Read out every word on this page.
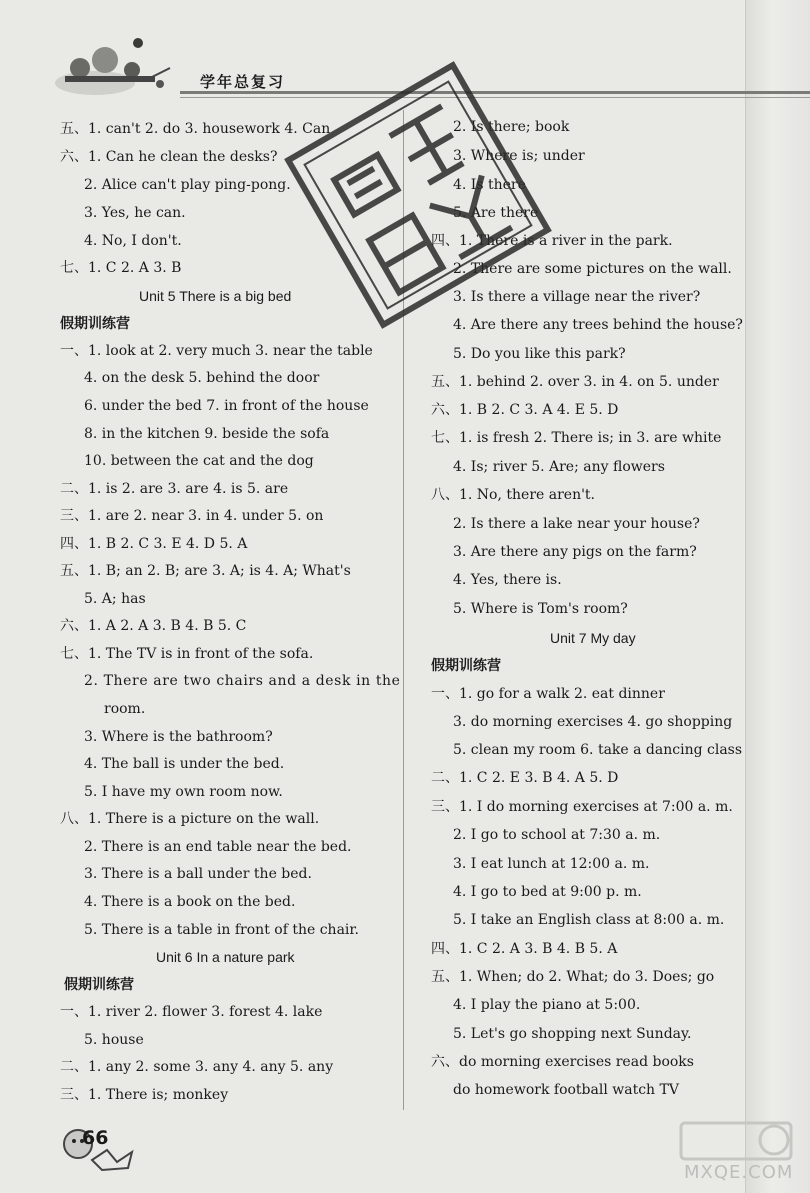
学年总复习
五、1. can't 2. do 3. housework 4. Can
六、1. Can he clean the desks?
2. Alice can't play ping-pong.
3. Yes, he can.
4. No, I don't.
七、1. C 2. A 3. B
Unit 5 There is a big bed
假期训练营
一、1. look at 2. very much 3. near the table
4. on the desk 5. behind the door
6. under the bed 7. in front of the house
8. in the kitchen 9. beside the sofa
10. between the cat and the dog
二、1. is 2. are 3. are 4. is 5. are
三、1. are 2. near 3. in 4. under 5. on
四、1. B 2. C 3. E 4. D 5. A
五、1. B; an 2. B; are 3. A; is 4. A; What's
5. A; has
六、1. A 2. A 3. B 4. B 5. C
七、1. The TV is in front of the sofa.
2. There are two chairs and a desk in the
room.
3. Where is the bathroom?
4. The ball is under the bed.
5. I have my own room now.
八、1. There is a picture on the wall.
2. There is an end table near the bed.
3. There is a ball under the bed.
4. There is a book on the bed.
5. There is a table in front of the chair.
Unit 6 In a nature park
假期训练营
一、1. river 2. flower 3. forest 4. lake
5. house
二、1. any 2. some 3. any 4. any 5. any
三、1. There is; monkey
2. Is there; book
3. Where is; under
4. Is there
5. Are there
四、1. There is a river in the park.
2. There are some pictures on the wall.
3. Is there a village near the river?
4. Are there any trees behind the house?
5. Do you like this park?
五、1. behind 2. over 3. in 4. on 5. under
六、1. B 2. C 3. A 4. E 5. D
七、1. is fresh 2. There is; in 3. are white
4. Is; river 5. Are; any flowers
八、1. No, there aren't.
2. Is there a lake near your house?
3. Are there any pigs on the farm?
4. Yes, there is.
5. Where is Tom's room?
Unit 7 My day
假期训练营
一、1. go for a walk 2. eat dinner
3. do morning exercises 4. go shopping
5. clean my room 6. take a dancing class
二、1. C 2. E 3. B 4. A 5. D
三、1. I do morning exercises at 7:00 a. m.
2. I go to school at 7:30 a. m.
3. I eat lunch at 12:00 a. m.
4. I go to bed at 9:00 p. m.
5. I take an English class at 8:00 a. m.
四、1. C 2. A 3. B 4. B 5. A
五、1. When; do 2. What; do 3. Does; go
4. I play the piano at 5:00.
5. Let's go shopping next Sunday.
六、do morning exercises read books
do homework football watch TV
66
MXQE.COM
